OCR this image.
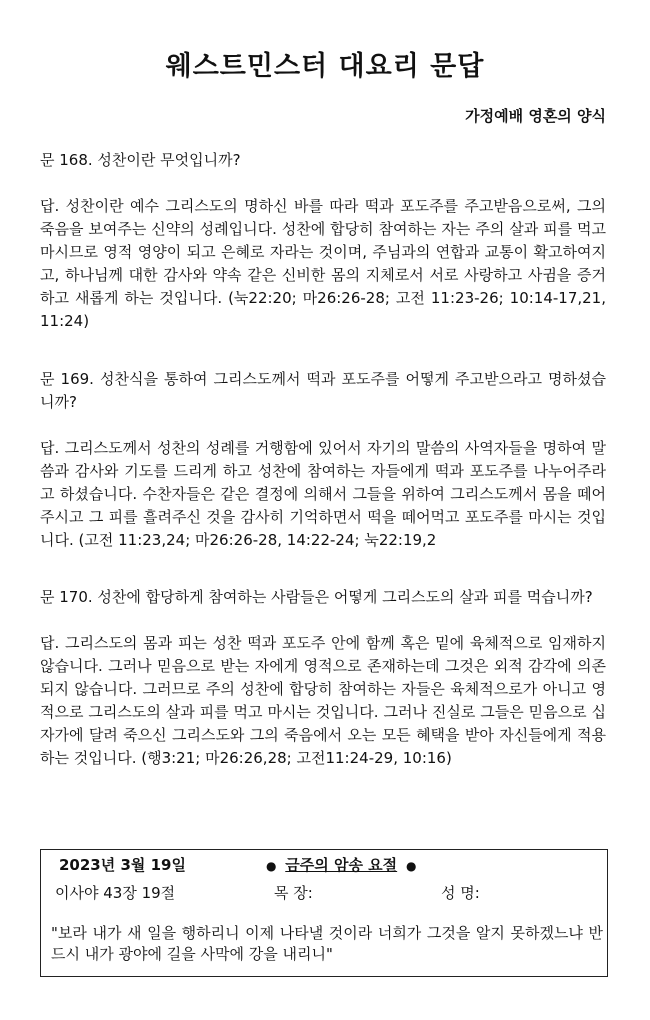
웨스트민스터 대요리 문답
가정예배 영혼의 양식
문 168. 성찬이란 무엇입니까?
답. 성찬이란 예수 그리스도의 명하신 바를 따라 떡과 포도주를 주고받음으로써, 그의 죽음을 보여주는 신약의 성례입니다. 성찬에 합당히 참여하는 자는 주의 살과 피를 먹고 마시므로 영적 영양이 되고 은혜로 자라는 것이며, 주님과의 연합과 교통이 확고하여지고, 하나님께 대한 감사와 약속 같은 신비한 몸의 지체로서 서로 사랑하고 사귐을 증거하고 새롭게 하는 것입니다. (눅22:20; 마26:26-28; 고전 11:23-26; 10:14-17,21, 11:24)
문 169. 성찬식을 통하여 그리스도께서 떡과 포도주를 어떻게 주고받으라고 명하셨습니까?
답. 그리스도께서 성찬의 성례를 거행함에 있어서 자기의 말씀의 사역자들을 명하여 말씀과 감사와 기도를 드리게 하고 성찬에 참여하는 자들에게 떡과 포도주를 나누어주라고 하셨습니다. 수찬자들은 같은 결정에 의해서 그들을 위하여 그리스도께서 몸을 떼어 주시고 그 피를 흘려주신 것을 감사히 기억하면서 떡을 떼어먹고 포도주를 마시는 것입니다. (고전 11:23,24; 마26:26-28, 14:22-24; 눅22:19,2
문 170. 성찬에 합당하게 참여하는 사람들은 어떻게 그리스도의 살과 피를 먹습니까?
답. 그리스도의 몸과 피는 성찬 떡과 포도주 안에 함께 혹은 밑에 육체적으로 임재하지 않습니다. 그러나 믿음으로 받는 자에게 영적으로 존재하는데 그것은 외적 감각에 의존되지 않습니다. 그러므로 주의 성찬에 합당히 참여하는 자들은 육체적으로가 아니고 영적으로 그리스도의 살과 피를 먹고 마시는 것입니다. 그러나 진실로 그들은 믿음으로 십자가에 달려 죽으신 그리스도와 그의 죽음에서 오는 모든 혜택을 받아 자신들에게 적용하는 것입니다. (행3:21; 마26:26,28; 고전11:24-29, 10:16)
2023년 3월 19일	● 금주의 암송 요절 ●
이사야 43장 19절	목 장:	성 명:
"보라 내가 새 일을 행하리니 이제 나타낼 것이라 너희가 그것을 알지 못하겠느냐 반드시 내가 광야에 길을 사막에 강을 내리니"
